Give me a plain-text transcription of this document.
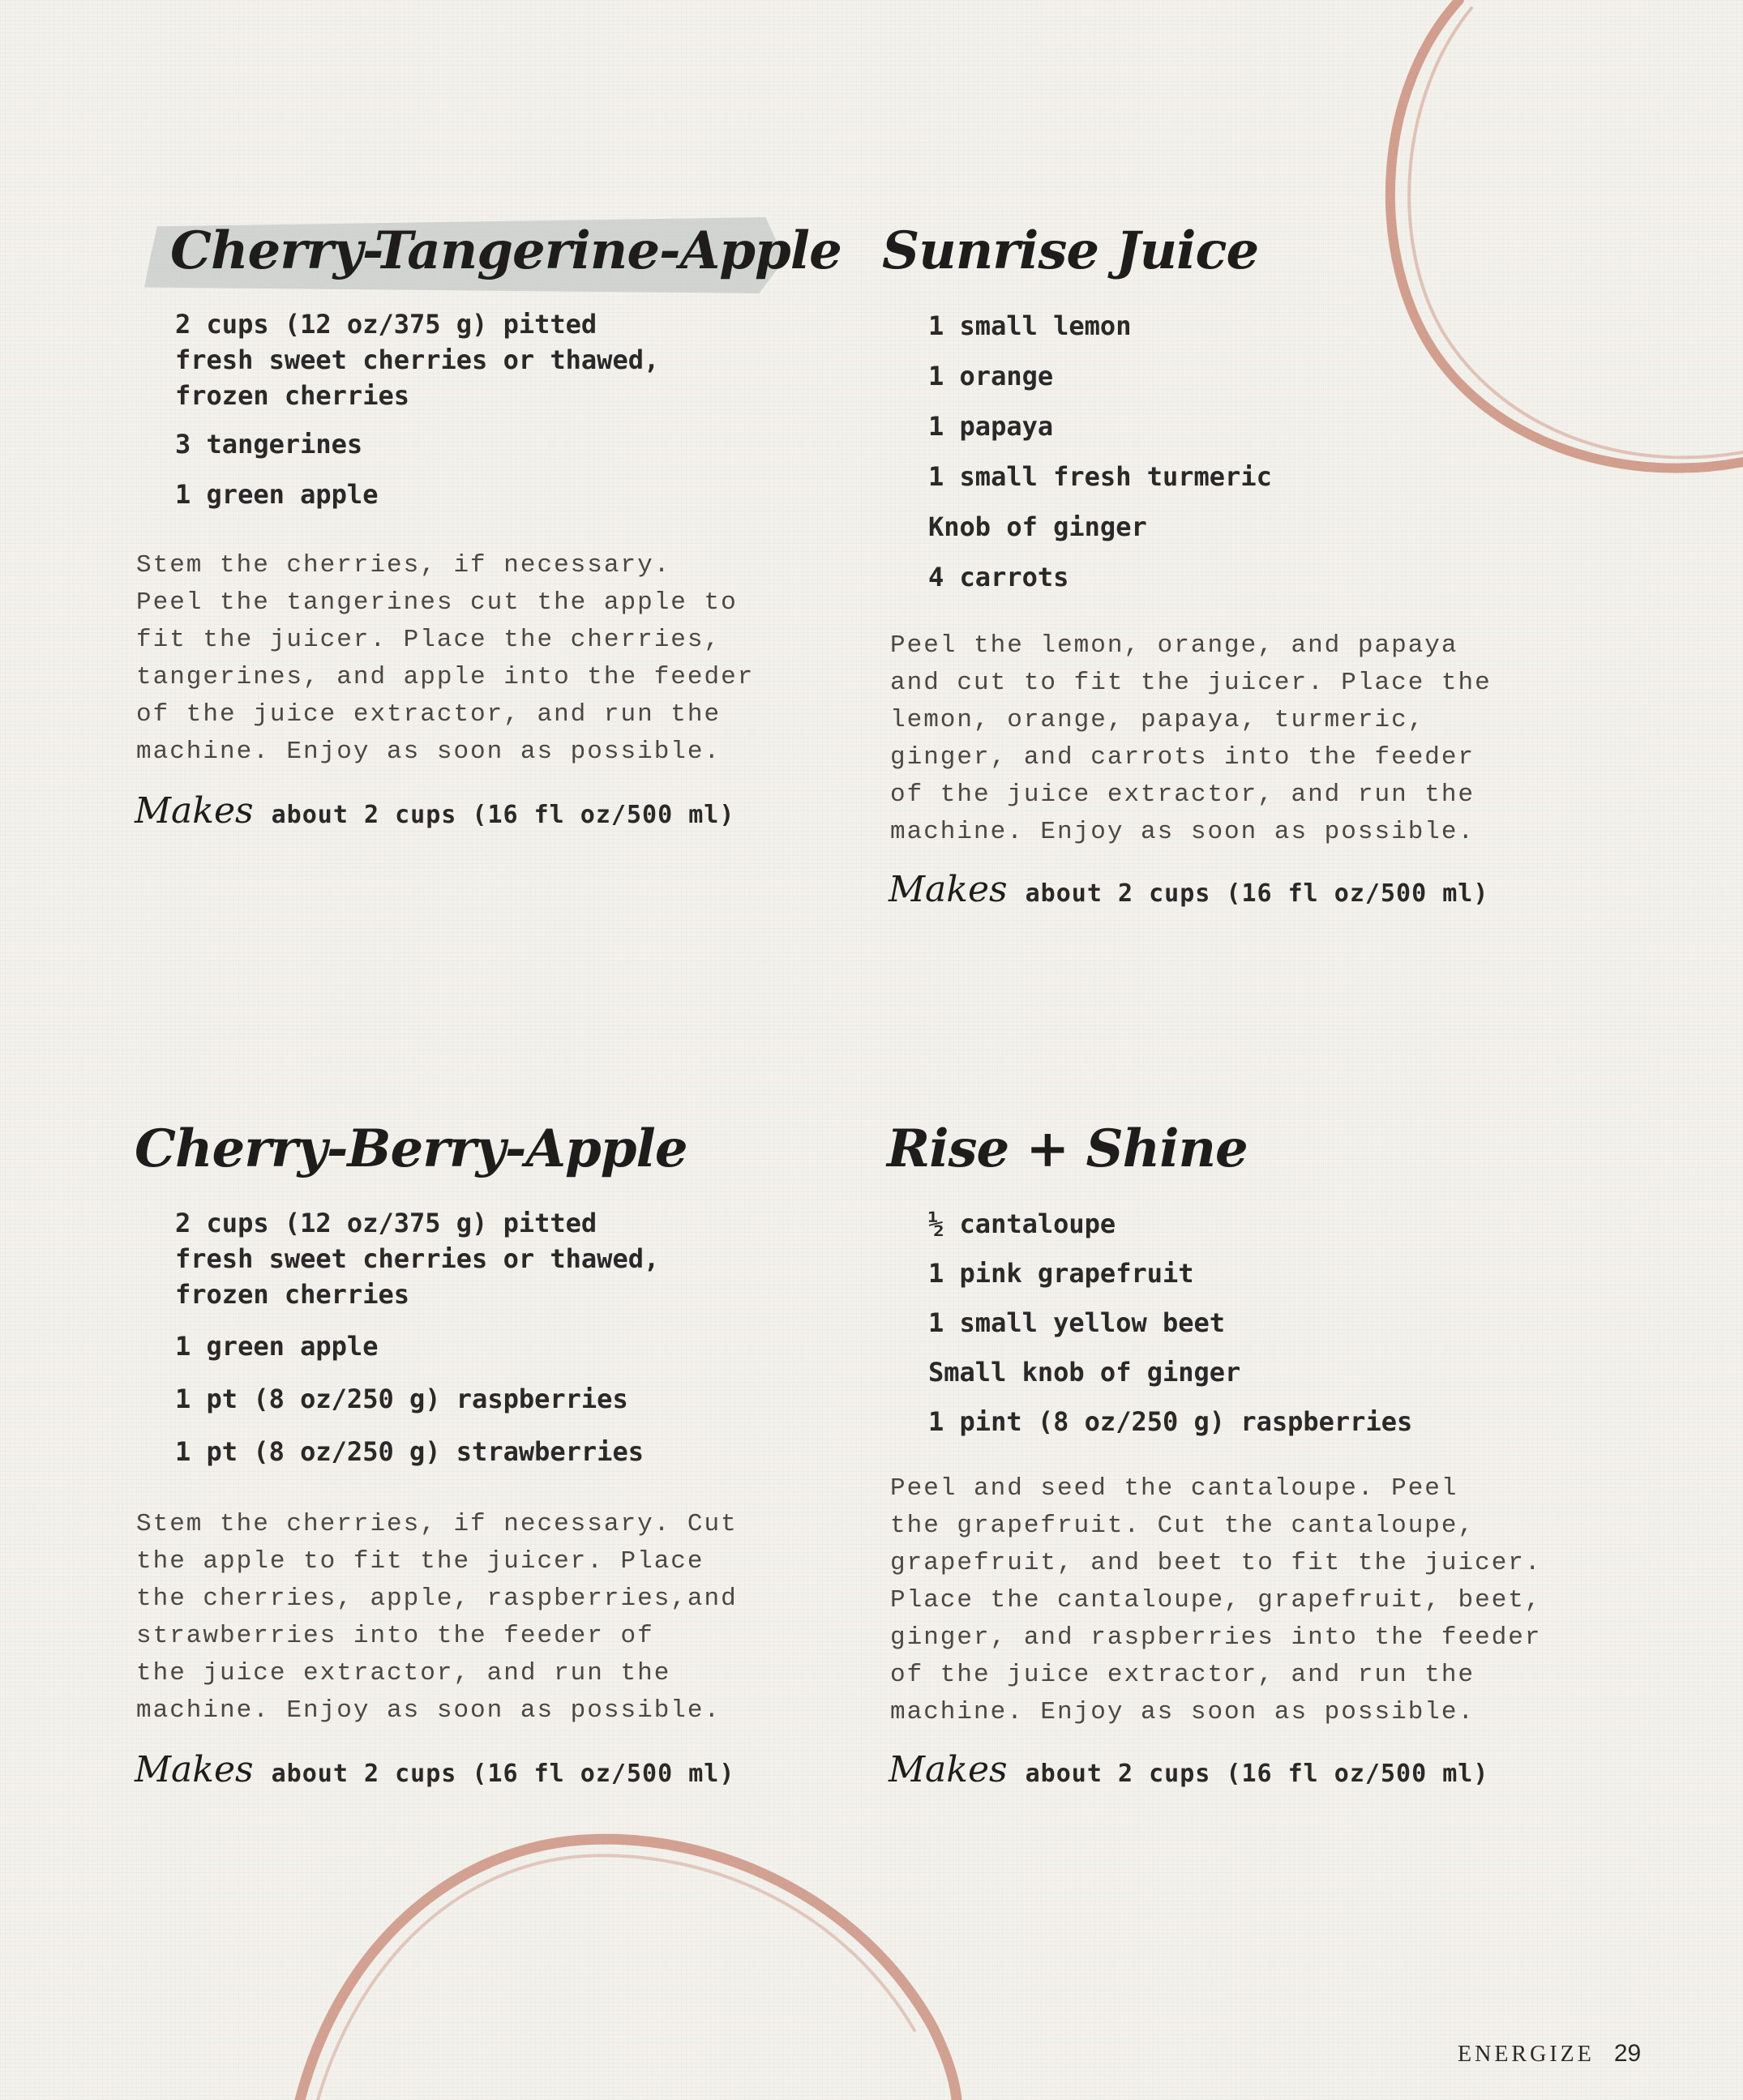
Cherry-Tangerine-Apple
2 cups (12 oz/375 g) pitted
fresh sweet cherries or thawed,
frozen cherries
3 tangerines
1 green apple

Stem the cherries, if necessary.
Peel the tangerines cut the apple to
fit the juicer. Place the cherries,
tangerines, and apple into the feeder
of the juice extractor, and run the
machine. Enjoy as soon as possible.

Makes about 2 cups (16 fl oz/500 ml)
Sunrise Juice
1 small lemon
1 orange
1 papaya
1 small fresh turmeric
Knob of ginger
4 carrots

Peel the lemon, orange, and papaya
and cut to fit the juicer. Place the
lemon, orange, papaya, turmeric,
ginger, and carrots into the feeder
of the juice extractor, and run the
machine. Enjoy as soon as possible.

Makes about 2 cups (16 fl oz/500 ml)
Cherry-Berry-Apple
2 cups (12 oz/375 g) pitted
fresh sweet cherries or thawed,
frozen cherries
1 green apple
1 pt (8 oz/250 g) raspberries
1 pt (8 oz/250 g) strawberries

Stem the cherries, if necessary. Cut
the apple to fit the juicer. Place
the cherries, apple, raspberries,and
strawberries into the feeder of
the juice extractor, and run the
machine. Enjoy as soon as possible.

Makes about 2 cups (16 fl oz/500 ml)
Rise + Shine
½ cantaloupe
1 pink grapefruit
1 small yellow beet
Small knob of ginger
1 pint (8 oz/250 g) raspberries

Peel and seed the cantaloupe. Peel
the grapefruit. Cut the cantaloupe,
grapefruit, and beet to fit the juicer.
Place the cantaloupe, grapefruit, beet,
ginger, and raspberries into the feeder
of the juice extractor, and run the
machine. Enjoy as soon as possible.

Makes about 2 cups (16 fl oz/500 ml)
ENERGIZE 29
